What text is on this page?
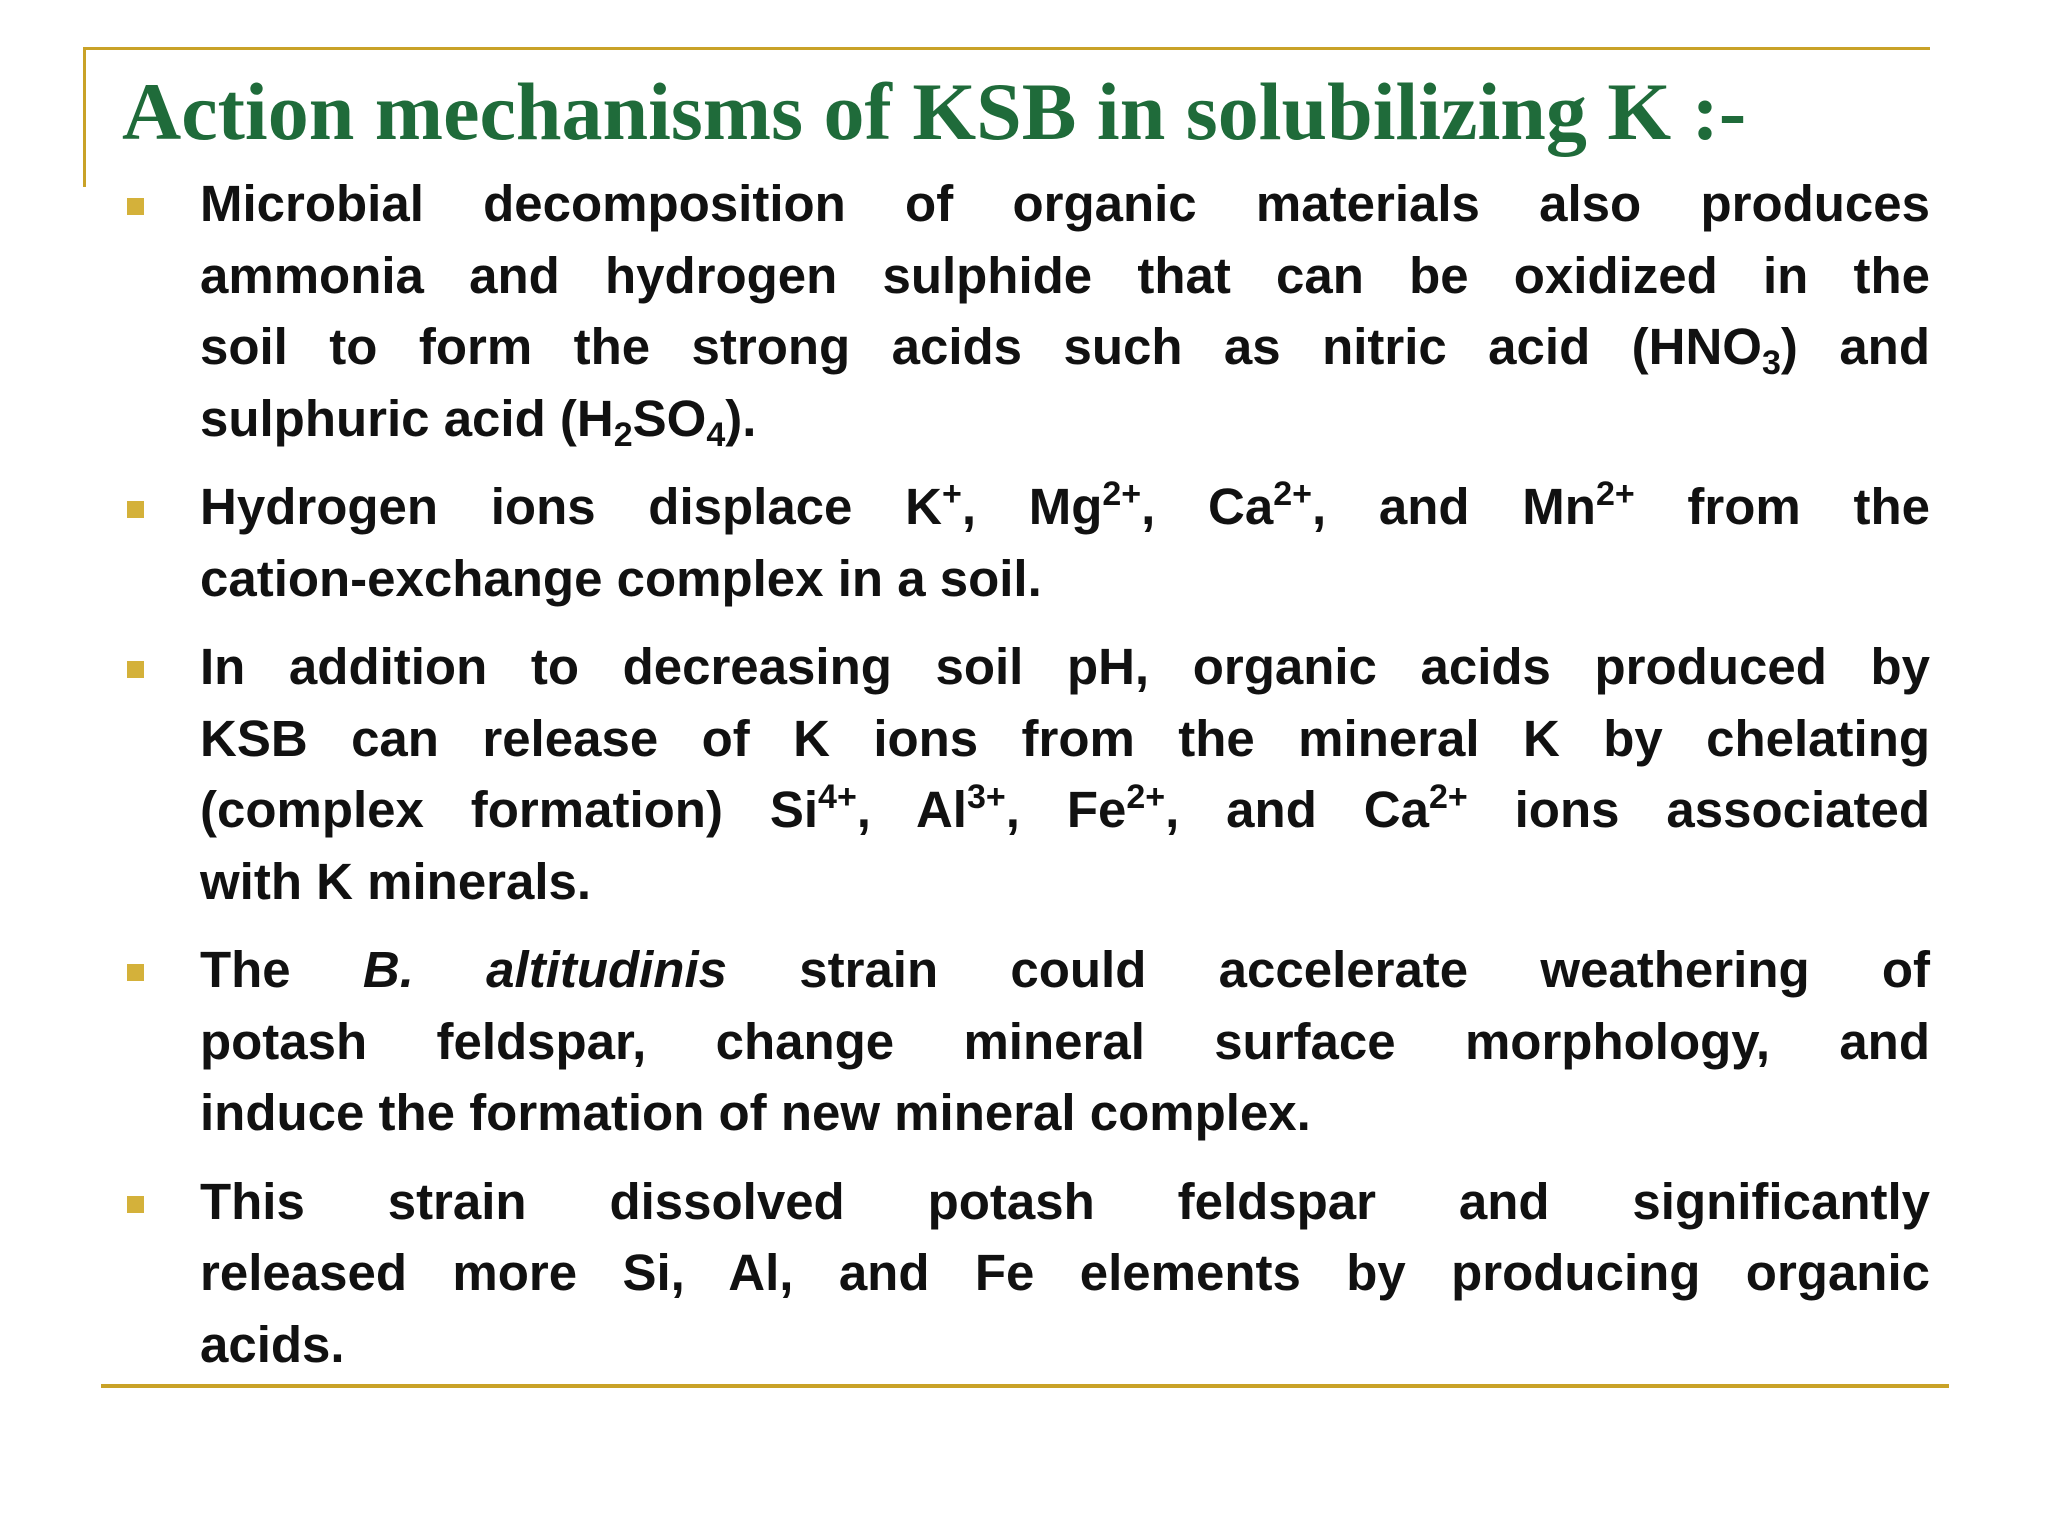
Action mechanisms of KSB in solubilizing K :-
Microbial decomposition of organic materials also produces
ammonia and hydrogen sulphide that can be oxidized in the
soil to form the strong acids such as nitric acid $(HNO_3)$ and
sulphuric acid $(H_2SO_4)$.
Hydrogen ions displace K+, $Mg^{2+}$, $Ca^{2+}$, and $Mn^{2+}$ from the
cation-exchange complex in a soil.
In addition to decreasing soil pH, organic acids produced by
KSB can release of K ions from the mineral K by chelating
(complex formation) $Si^{4+}$, $Al^{3+}$, $Fe^{2+}$, and $Ca^{2+}$ ions associated
with K minerals.
The B. altitudinis strain could accelerate weathering of
potash feldspar, change mineral surface morphology, and
induce the formation of new mineral complex.
This strain dissolved potash feldspar and significantly
released more Si, Al, and Fe elements by producing organic
acids.
